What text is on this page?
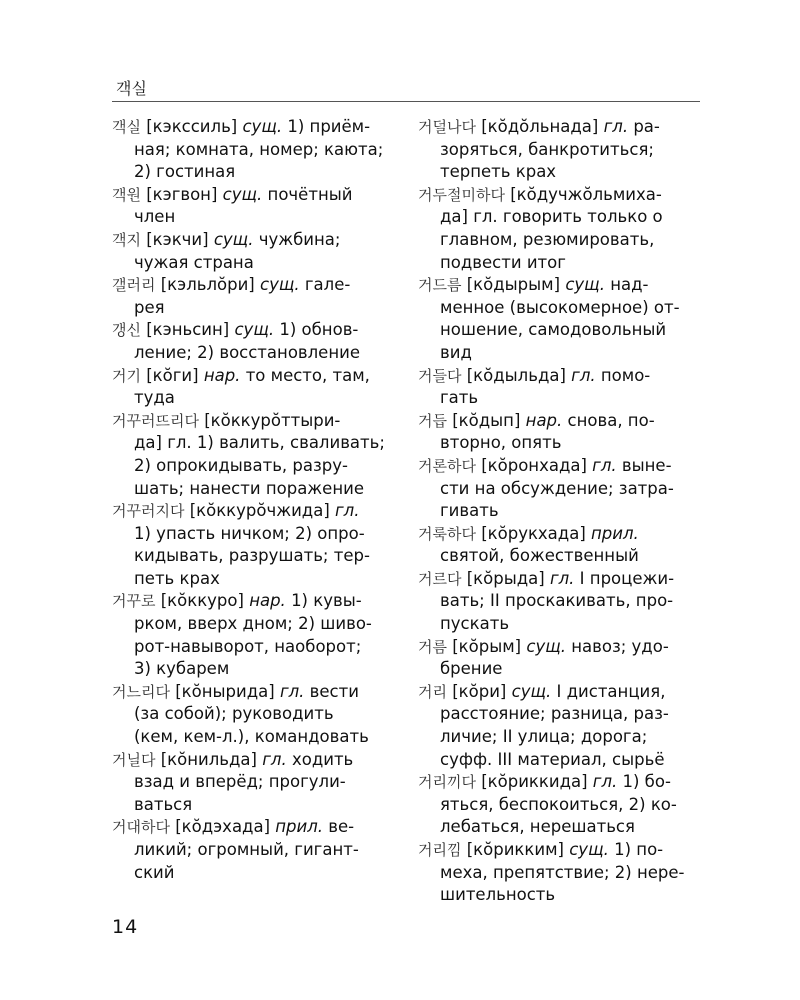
객실
객실 [кэкссиль] сущ. 1) приём-
ная; комната, номер; каюта;
2) гостиная
객원 [кэгвон] сущ. почётный
член
객지 [кэкчи] сущ. чужбина;
чужая страна
갤러리 [кэльлŏри] сущ. гале-
рея
갱신 [кэньсин] сущ. 1) обнов-
ление; 2) восстановление
거기 [кŏги] нар. то место, там,
туда
거꾸러뜨리다 [кŏккурŏттыри-
да] гл. 1) валить, сваливать;
2) опрокидывать, разру-
шать; нанести поражение
거꾸러지다 [кŏккурŏчжида] гл.
1) упасть ничком; 2) опро-
кидывать, разрушать; тер-
петь крах
거꾸로 [кŏккуро] нар. 1) кувы-
рком, вверх дном; 2) шиво-
рот-навыворот, наоборот;
3) кубарем
거느리다 [кŏнырида] гл. вести
(за собой); руководить
(кем, кем-л.), командовать
거닐다 [кŏнильда] гл. ходить
взад и вперёд; прогули-
ваться
거대하다 [кŏдэхада] прил. ве-
ликий; огромный, гигант-
ский
거덜나다 [кŏдŏльнада] гл. ра-
зоряться, банкротиться;
терпеть крах
거두절미하다 [кŏдучжŏльмиха-
да] гл. говорить только о
главном, резюмировать,
подвести итог
거드름 [кŏдырым] сущ. над-
менное (высокомерное) от-
ношение, самодовольный
вид
거들다 [кŏдыльда] гл. помо-
гать
거듭 [кŏдып] нар. снова, по-
вторно, опять
거론하다 [кŏронхада] гл. выне-
сти на обсуждение; затра-
гивать
거룩하다 [кŏрукхада] прил.
святой, божественный
거르다 [кŏрыда] гл. I процежи-
вать; II проскакивать, про-
пускать
거름 [кŏрым] сущ. навоз; удо-
брение
거리 [кŏри] сущ. I дистанция,
расстояние; разница, раз-
личие; II улица; дорога;
суфф. III материал, сырьё
거리끼다 [кŏриккида] гл. 1) бо-
яться, беспокоиться, 2) ко-
лебаться, нерешаться
거리낌 [кŏрикким] сущ. 1) по-
меха, препятствие; 2) нере-
шительность
14
